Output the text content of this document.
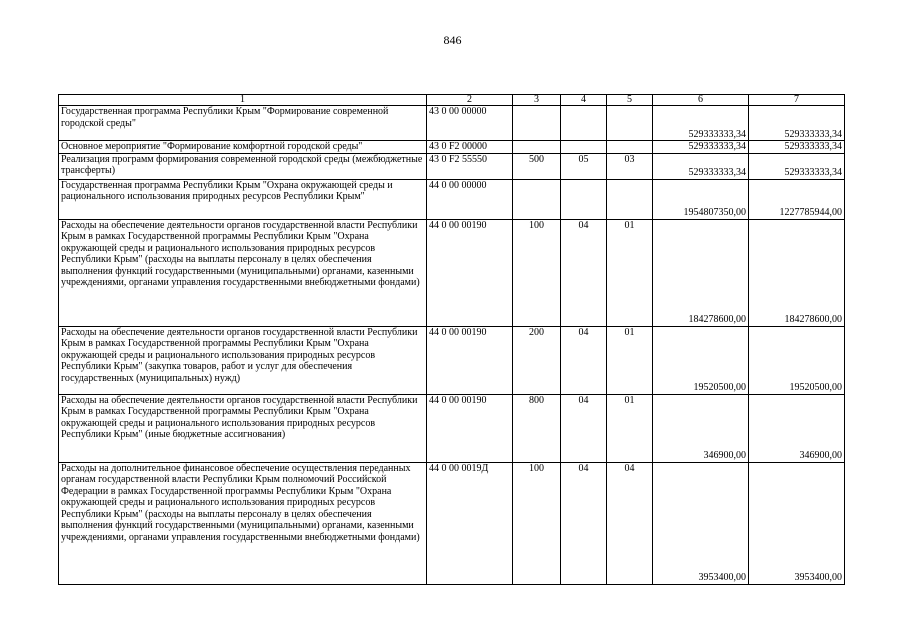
846
1	2	3	4	5	6	7
Государственная программа Республики Крым "Формирование современной городской среды"	43 0 00 00000				529333333,34	529333333,34
Основное мероприятие "Формирование комфортной городской среды"	43 0 F2 00000				529333333,34	529333333,34
Реализация программ формирования современной городской среды (межбюджетные трансферты)	43 0 F2 55550	500	05	03	529333333,34	529333333,34
Государственная программа Республики Крым "Охрана окружающей среды и рационального использования природных ресурсов Республики Крым"	44 0 00 00000				1954807350,00	1227785944,00
Расходы на обеспечение деятельности органов государственной власти Республики Крым в рамках Государственной программы Республики Крым "Охрана окружающей среды и рационального использования природных ресурсов Республики Крым" (расходы на выплаты персоналу в целях обеспечения выполнения функций государственными (муниципальными) органами, казенными учреждениями, органами управления государственными внебюджетными фондами)	44 0 00 00190	100	04	01	184278600,00	184278600,00
Расходы на обеспечение деятельности органов государственной власти Республики Крым в рамках Государственной программы Республики Крым "Охрана окружающей среды и рационального использования природных ресурсов Республики Крым" (закупка товаров, работ и услуг для обеспечения государственных (муниципальных) нужд)	44 0 00 00190	200	04	01	19520500,00	19520500,00
Расходы на обеспечение деятельности органов государственной власти Республики Крым в рамках Государственной программы Республики Крым "Охрана окружающей среды и рационального использования природных ресурсов Республики Крым" (иные бюджетные ассигнования)	44 0 00 00190	800	04	01	346900,00	346900,00
Расходы на дополнительное финансовое обеспечение осуществления переданных органам государственной власти Республики Крым полномочий Российской Федерации в рамках Государственной программы Республики Крым "Охрана окружающей среды и рационального использования природных ресурсов Республики Крым" (расходы на выплаты персоналу в целях обеспечения выполнения функций государственными (муниципальными) органами, казенными учреждениями, органами управления государственными внебюджетными фондами)	44 0 00 0019Д	100	04	04	3953400,00	3953400,00
